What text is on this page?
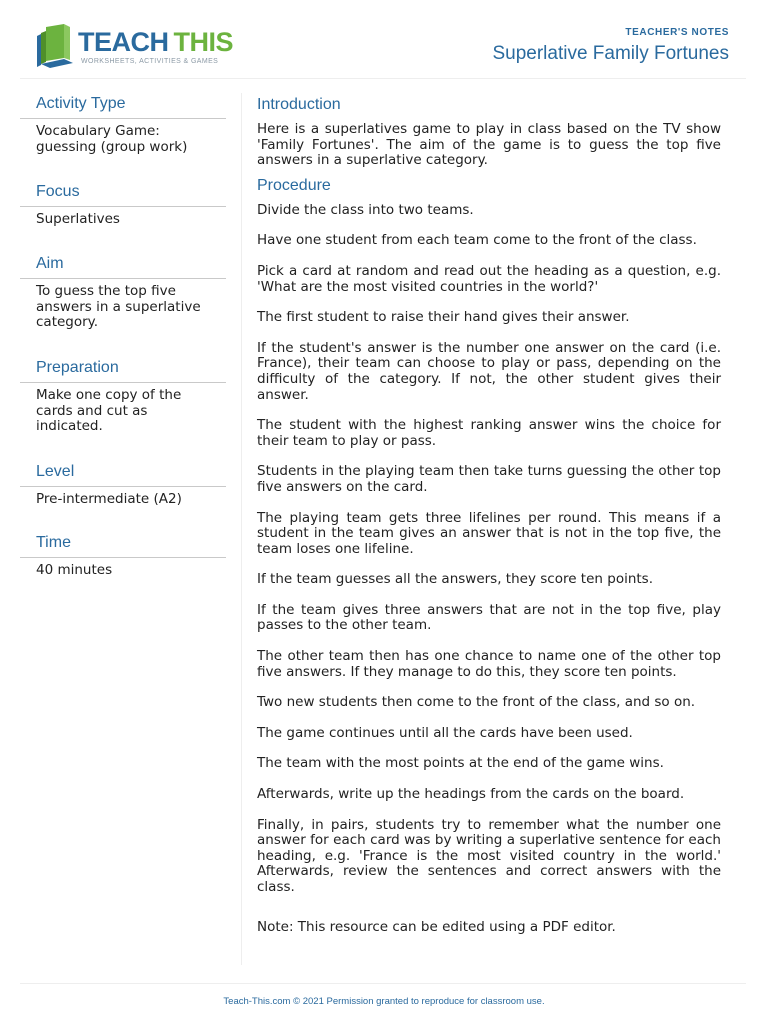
TEACH THIS
WORKSHEETS, ACTIVITIES & GAMES
TEACHER'S NOTES
Superlative Family Fortunes
Activity Type
Vocabulary Game: guessing (group work)
Focus
Superlatives
Aim
To guess the top five answers in a superlative category.
Preparation
Make one copy of the cards and cut as indicated.
Level
Pre-intermediate (A2)
Time
40 minutes
Introduction

Here is a superlatives game to play in class based on the TV show 'Family Fortunes'. The aim of the game is to guess the top five answers in a superlative category.

Procedure

Divide the class into two teams.

Have one student from each team come to the front of the class.

Pick a card at random and read out the heading as a question, e.g. 'What are the most visited countries in the world?'

The first student to raise their hand gives their answer.

If the student's answer is the number one answer on the card (i.e. France), their team can choose to play or pass, depending on the difficulty of the category. If not, the other student gives their answer.

The student with the highest ranking answer wins the choice for their team to play or pass.

Students in the playing team then take turns guessing the other top five answers on the card.

The playing team gets three lifelines per round. This means if a student in the team gives an answer that is not in the top five, the team loses one lifeline.

If the team guesses all the answers, they score ten points.

If the team gives three answers that are not in the top five, play passes to the other team.

The other team then has one chance to name one of the other top five answers. If they manage to do this, they score ten points.

Two new students then come to the front of the class, and so on.

The game continues until all the cards have been used.

The team with the most points at the end of the game wins.

Afterwards, write up the headings from the cards on the board.

Finally, in pairs, students try to remember what the number one answer for each card was by writing a superlative sentence for each heading, e.g. 'France is the most visited country in the world.' Afterwards, review the sentences and correct answers with the class.

Note: This resource can be edited using a PDF editor.

Teach-This.com © 2021 Permission granted to reproduce for classroom use.
